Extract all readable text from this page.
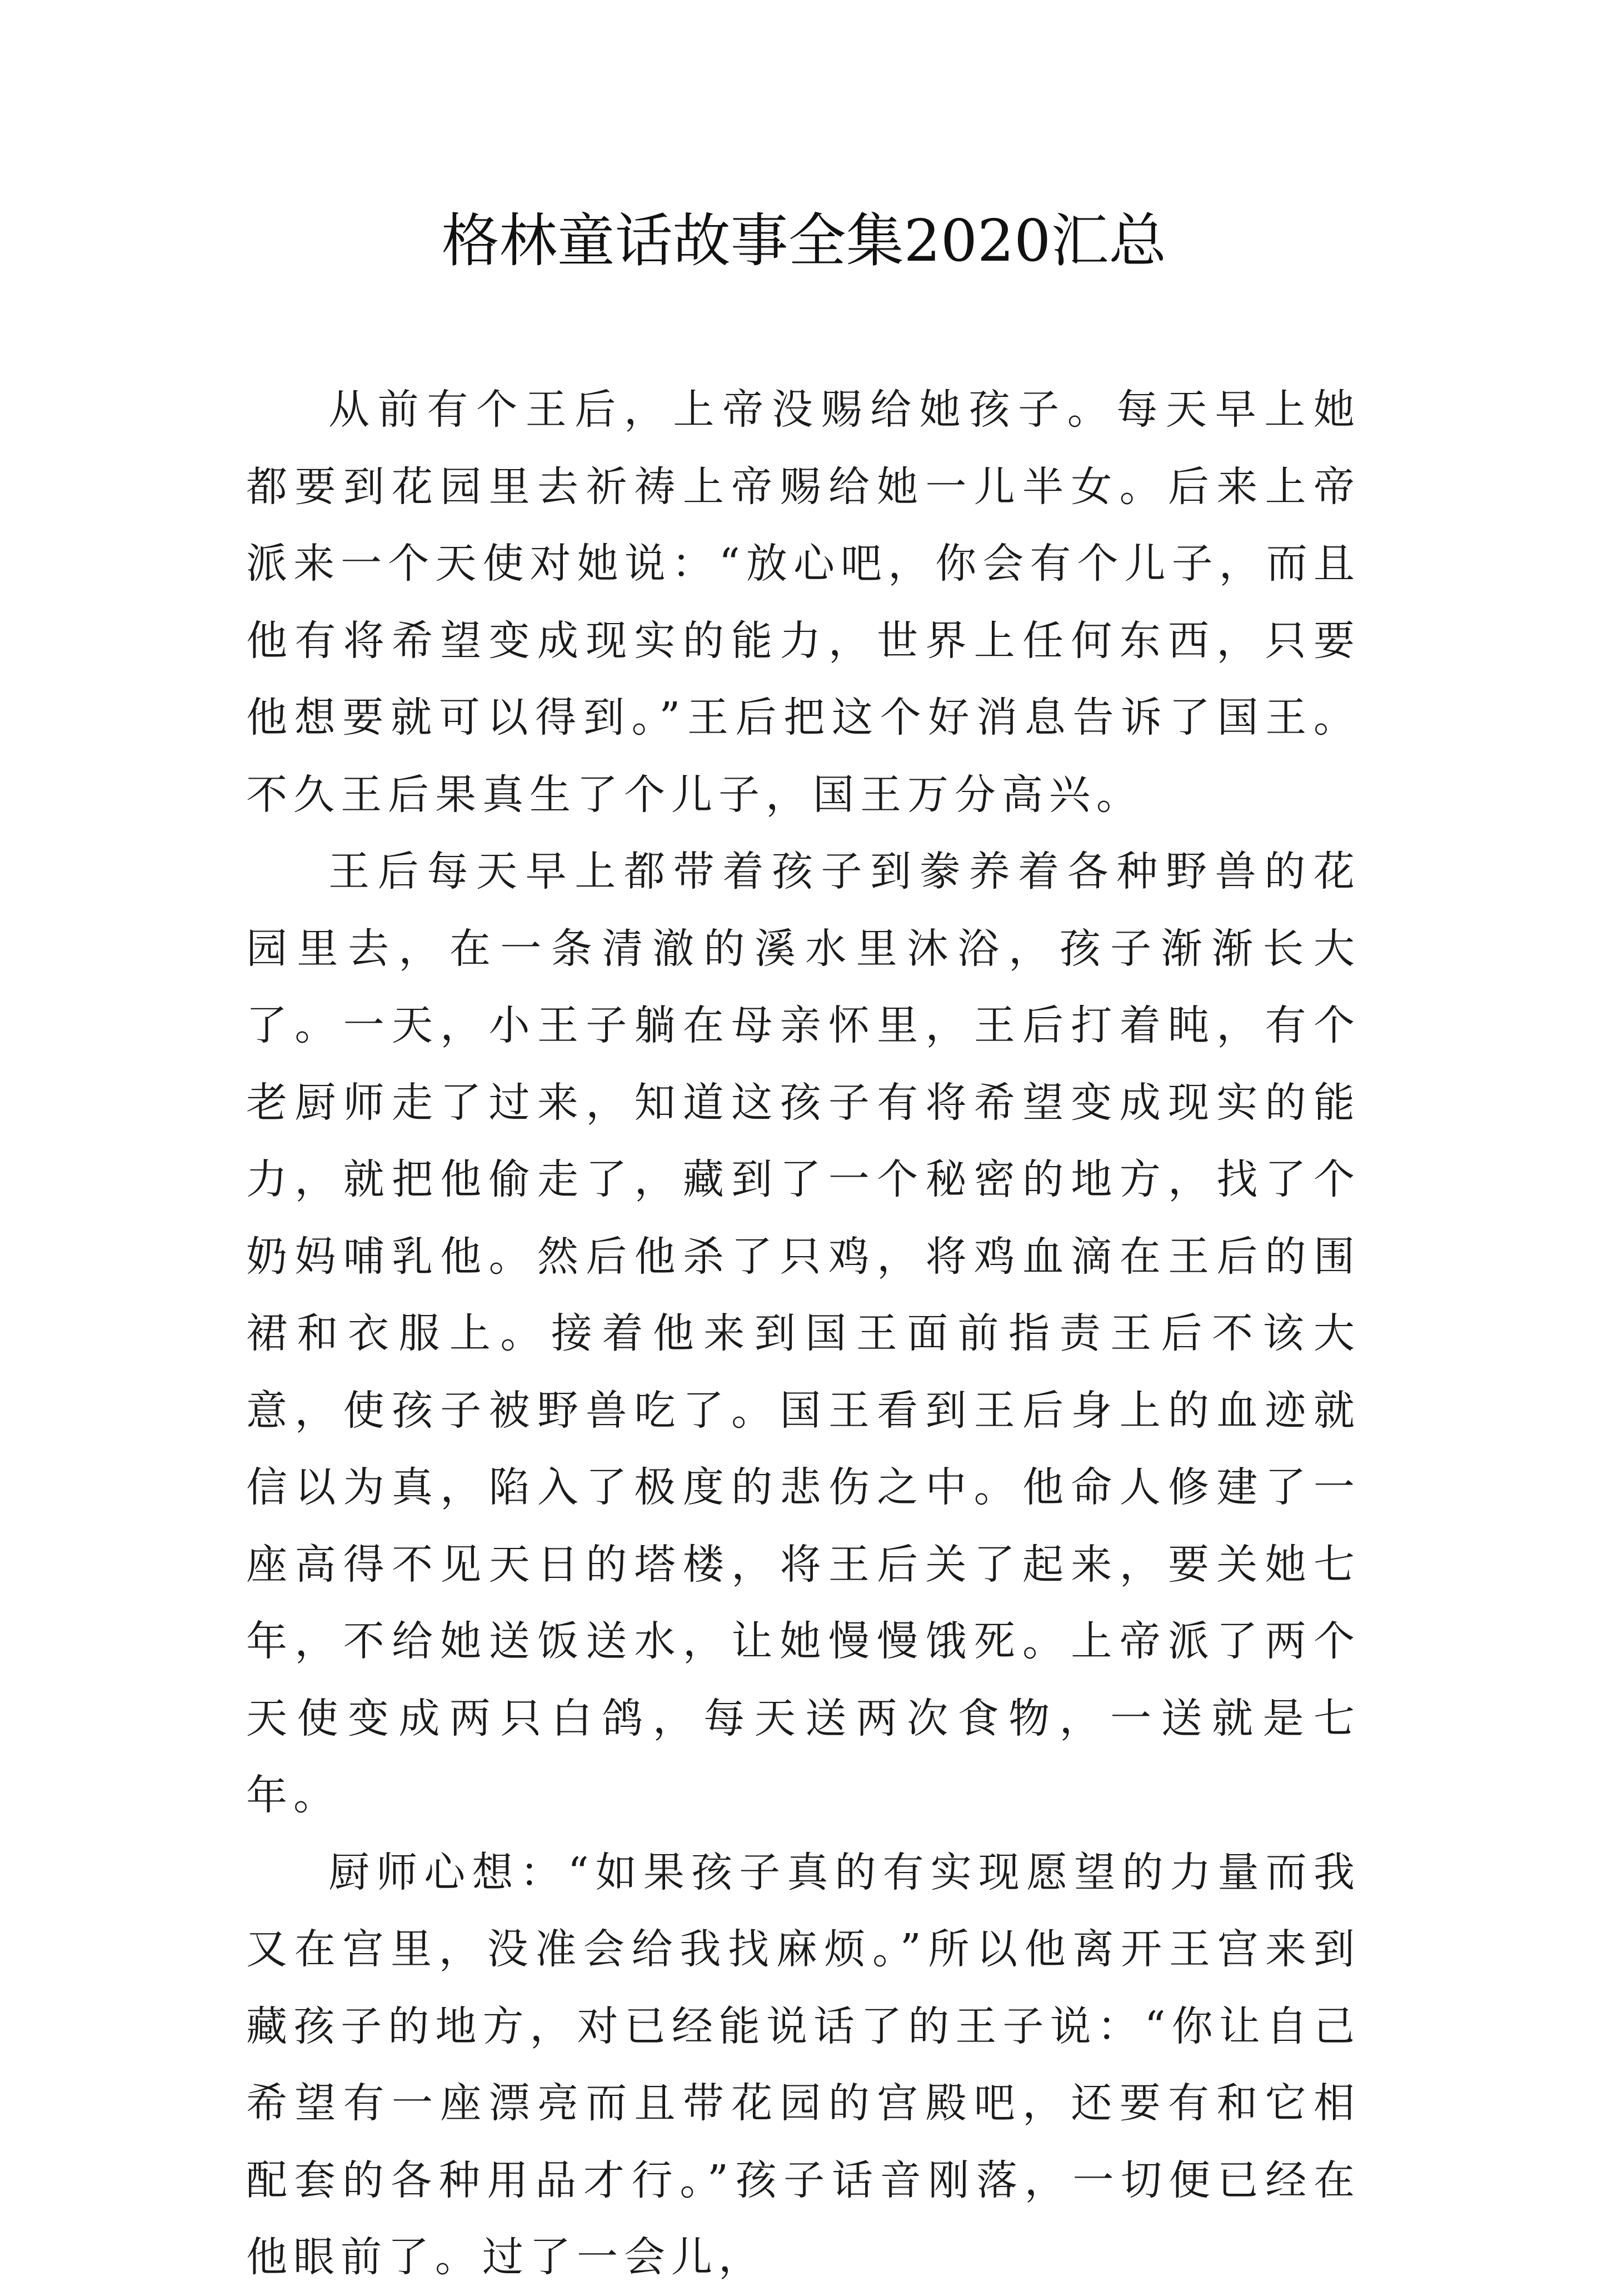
格林童话故事全集2020汇总

从前有个王后，上帝没赐给她孩子。每天早上她都要到花园里去祈祷上帝赐给她一儿半女。后来上帝派来一个天使对她说：“放心吧，你会有个儿子，而且他有将希望变成现实的能力，世界上任何东西，只要他想要就可以得到。”王后把这个好消息告诉了国王。不久王后果真生了个儿子，国王万分高兴。

王后每天早上都带着孩子到豢养着各种野兽的花园里去，在一条清澈的溪水里沐浴，孩子渐渐长大了。一天，小王子躺在母亲怀里，王后打着盹，有个老厨师走了过来，知道这孩子有将希望变成现实的能力，就把他偷走了，藏到了一个秘密的地方，找了个奶妈哺乳他。然后他杀了只鸡，将鸡血滴在王后的围裙和衣服上。接着他来到国王面前指责王后不该大意，使孩子被野兽吃了。国王看到王后身上的血迹就信以为真，陷入了极度的悲伤之中。他命人修建了一座高得不见天日的塔楼，将王后关了起来，要关她七年，不给她送饭送水，让她慢慢饿死。上帝派了两个天使变成两只白鸽，每天送两次食物，一送就是七年。

厨师心想：“如果孩子真的有实现愿望的力量而我又在宫里，没准会给我找麻烦。”所以他离开王宫来到藏孩子的地方，对已经能说话了的王子说：“你让自己希望有一座漂亮而且带花园的宫殿吧，还要有和它相配套的各种用品才行。”孩子话音刚落，一切便已经在他眼前了。过了一会儿，
